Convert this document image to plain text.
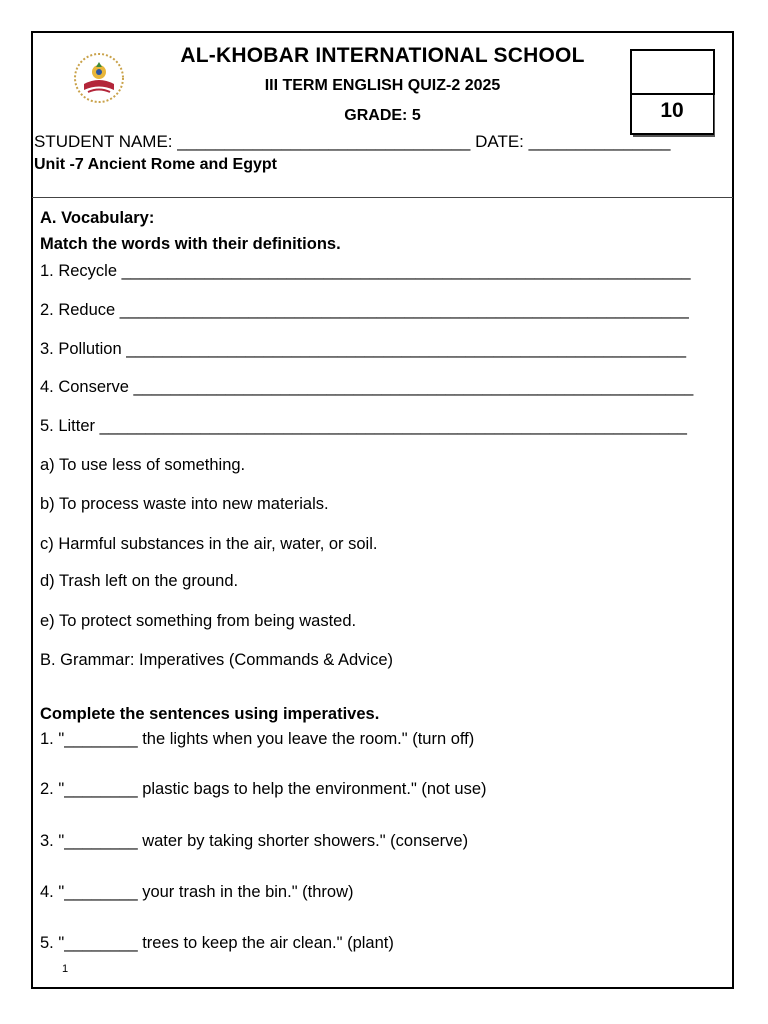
AL-KHOBAR INTERNATIONAL SCHOOL
III TERM ENGLISH QUIZ-2 2025
GRADE: 5	10
STUDENT NAME: _______________________________ DATE: _______________
Unit -7 Ancient Rome and Egypt
A. Vocabulary:
Match the words with their definitions.
1. Recycle ______________________________________________________________
2. Reduce ______________________________________________________________
3. Pollution _____________________________________________________________
4. Conserve _____________________________________________________________
5. Litter ________________________________________________________________
a) To use less of something.
b) To process waste into new materials.
c) Harmful substances in the air, water, or soil.
d) Trash left on the ground.
e) To protect something from being wasted.
B. Grammar: Imperatives (Commands & Advice)
Complete the sentences using imperatives.
1. "________ the lights when you leave the room." (turn off)
2. "________ plastic bags to help the environment." (not use)
3. "________ water by taking shorter showers." (conserve)
4. "________ your trash in the bin." (throw)
5. "________ trees to keep the air clean." (plant)
1
